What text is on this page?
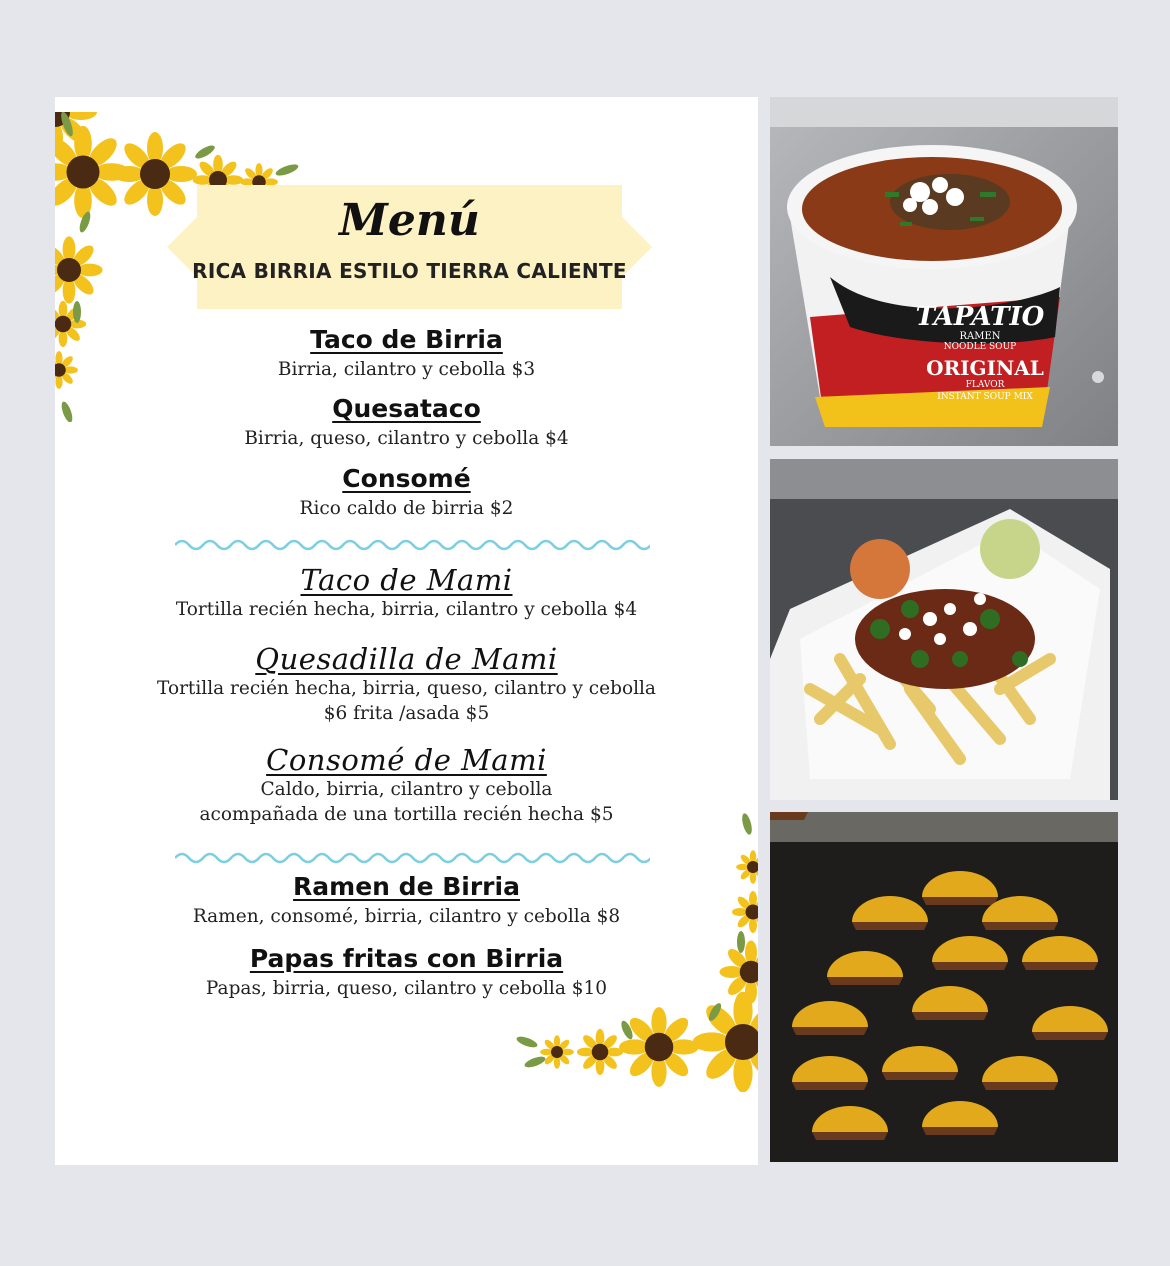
Menú
RICA BIRRIA ESTILO TIERRA CALIENTE
Taco de Birria
Birria, cilantro y cebolla $3
Quesataco
Birria, queso, cilantro y cebolla $4
Consomé
Rico caldo de birria $2
Taco de Mami
Tortilla recién hecha, birria, cilantro y cebolla $4
Quesadilla de Mami
Tortilla recién hecha, birria, queso, cilantro y cebolla
$6 frita /asada $5
Consomé de Mami
Caldo, birria, cilantro y cebolla
acompañada de una tortilla recién hecha $5
Ramen de Birria
Ramen, consomé, birria, cilantro y cebolla $8
Papas fritas con Birria
Papas, birria, queso, cilantro y cebolla $10
TAPATIO
RAMEN
NOODLE SOUP
ORIGINAL
FLAVOR
INSTANT SOUP MIX
